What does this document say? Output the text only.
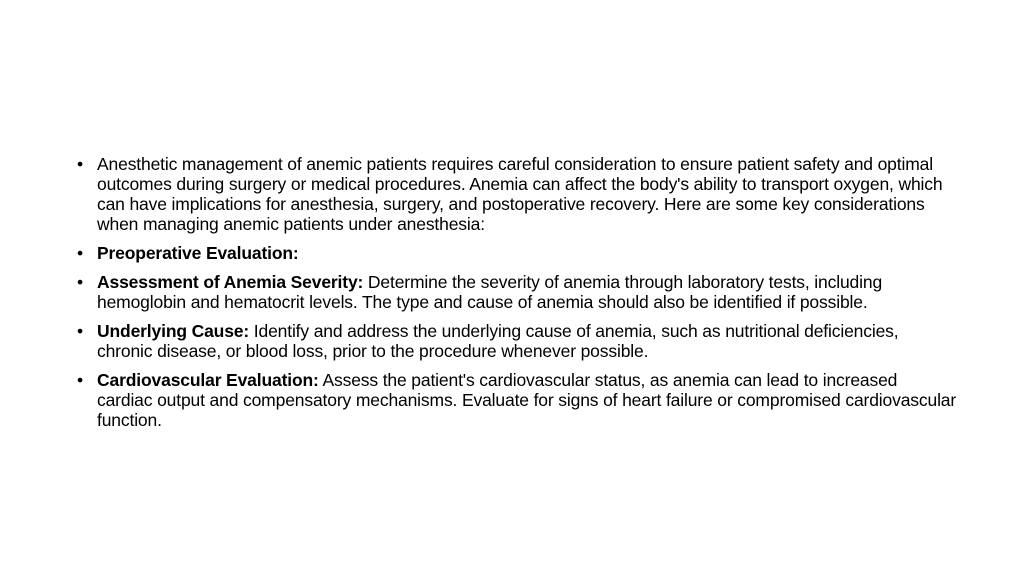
• Anesthetic management of anemic patients requires careful consideration to ensure patient safety and optimal outcomes during surgery or medical procedures. Anemia can affect the body's ability to transport oxygen, which can have implications for anesthesia, surgery, and postoperative recovery. Here are some key considerations when managing anemic patients under anesthesia:
• Preoperative Evaluation:
• Assessment of Anemia Severity: Determine the severity of anemia through laboratory tests, including hemoglobin and hematocrit levels. The type and cause of anemia should also be identified if possible.
• Underlying Cause: Identify and address the underlying cause of anemia, such as nutritional deficiencies, chronic disease, or blood loss, prior to the procedure whenever possible.
• Cardiovascular Evaluation: Assess the patient's cardiovascular status, as anemia can lead to increased cardiac output and compensatory mechanisms. Evaluate for signs of heart failure or compromised cardiovascular function.
